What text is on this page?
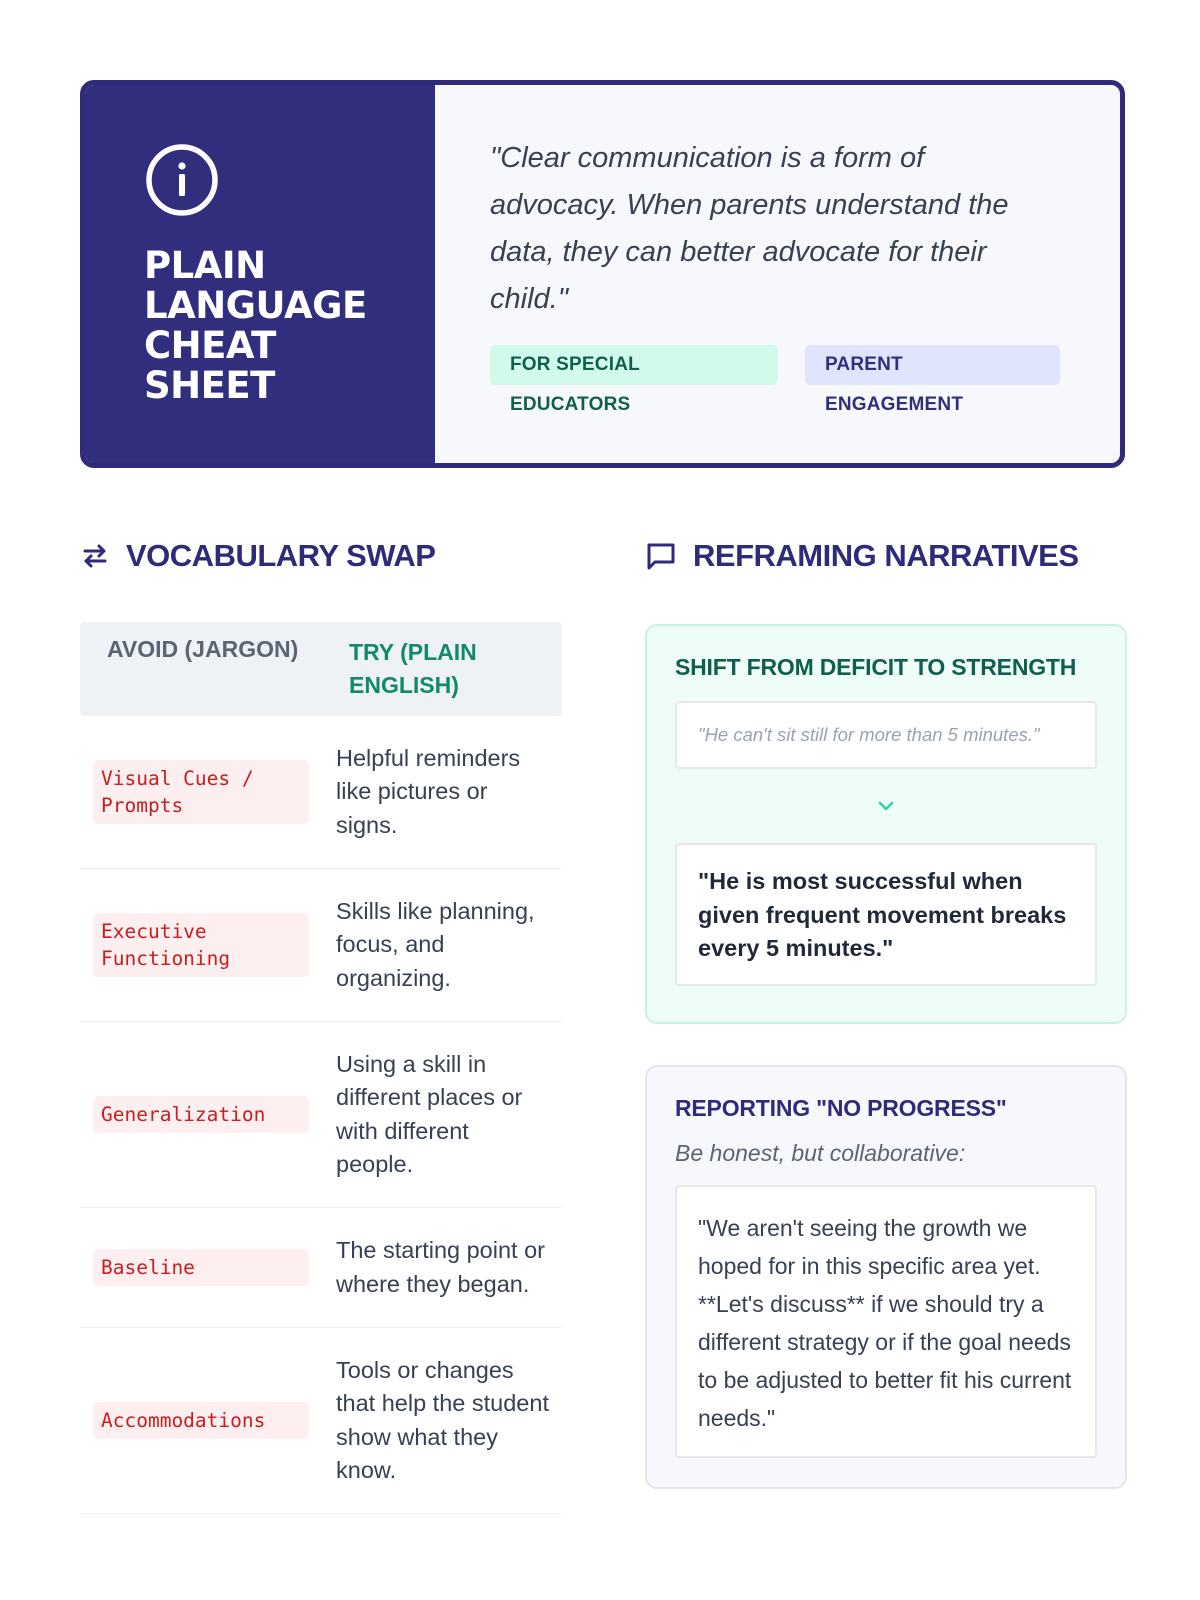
PLAIN LANGUAGE CHEAT SHEET

"Clear communication is a form of advocacy. When parents understand the data, they can better advocate for their child."

FOR SPECIAL EDUCATORS
PARENT ENGAGEMENT
VOCABULARY SWAP
AVOID (JARGON)	TRY (PLAIN ENGLISH)
Visual Cues / Prompts
Helpful reminders like pictures or signs.
Executive Functioning
Skills like planning, focus, and organizing.
Generalization
Using a skill in different places or with different people.
Baseline
The starting point or where they began.
Accommodations
Tools or changes that help the student show what they know.
REFRAMING NARRATIVES
SHIFT FROM DEFICIT TO STRENGTH
"He can't sit still for more than 5 minutes."
"He is most successful when given frequent movement breaks every 5 minutes."
REPORTING "NO PROGRESS"
Be honest, but collaborative:
"We aren't seeing the growth we hoped for in this specific area yet. **Let's discuss** if we should try a different strategy or if the goal needs to be adjusted to better fit his current needs."
